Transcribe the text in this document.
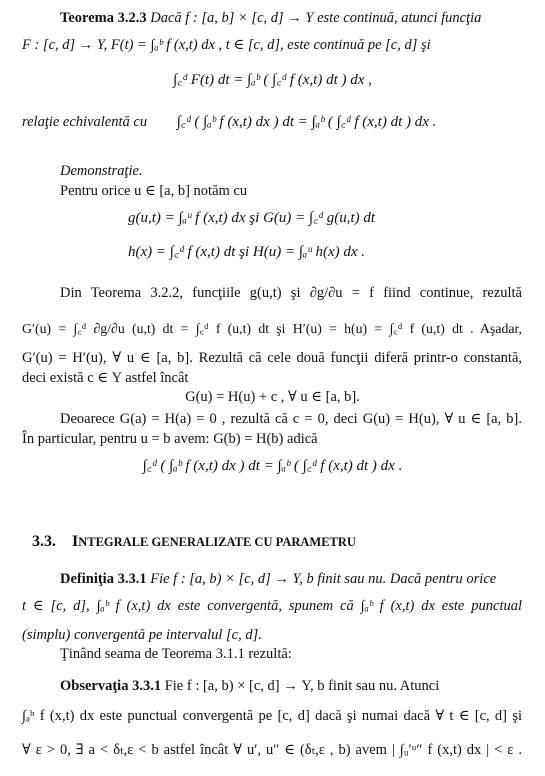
Teorema 3.2.3 Dacă f : [a, b] × [c, d] → Υ este continuă, atunci funcţia
F : [c, d] → Υ, F(t) = ∫ₐᵇ f (x,t) dx , t ∈ [c, d], este continuă pe [c, d] şi
∫꜀ᵈ F(t) dt = ∫ₐᵇ ( ∫꜀ᵈ f (x,t) dt ) dx ,
relaţie echivalentă cu ∫꜀ᵈ ( ∫ₐᵇ f (x,t) dx ) dt = ∫ₐᵇ ( ∫꜀ᵈ f (x,t) dt ) dx .
Demonstraţie.
Pentru orice u ∈ [a, b] notăm cu
g(u,t) = ∫ₐᵘ f (x,t) dx şi G(u) = ∫꜀ᵈ g(u,t) dt
h(x) = ∫꜀ᵈ f (x,t) dt şi H(u) = ∫ₐᵘ h(x) dx .
Din Teorema 3.2.2, funcţiile g(u,t) şi ∂g/∂u = f fiind continue, rezultă
G′(u) = ∫꜀ᵈ ∂g/∂u (u,t) dt = ∫꜀ᵈ f (u,t) dt şi H′(u) = h(u) = ∫꜀ᵈ f (u,t) dt . Aşadar,
G′(u) = H′(u), ∀ u ∈ [a, b]. Rezultă că cele două funcţii diferă printr-o constantă,
deci există c ∈ Υ astfel încât
G(u) = H(u) + c , ∀ u ∈ [a, b].
Deoarece G(a) = H(a) = 0 , rezultă că c = 0, deci G(u) = H(u), ∀ u ∈ [a, b].
În particular, pentru u = b avem: G(b) = H(b) adică
∫꜀ᵈ ( ∫ₐᵇ f (x,t) dx ) dt = ∫ₐᵇ ( ∫꜀ᵈ f (x,t) dt ) dx .
3.3. INTEGRALE GENERALIZATE CU PARAMETRU
Definiţia 3.3.1 Fie f : [a, b) × [c, d] → Υ, b finit sau nu. Dacă pentru orice
t ∈ [c, d], ∫ₐᵇ f (x,t) dx este convergentă, spunem că ∫ₐᵇ f (x,t) dx este punctual
(simplu) convergentă pe intervalul [c, d].
Ţinând seama de Teorema 3.1.1 rezultă:
Observaţia 3.3.1 Fie f : [a, b) × [c, d] → Υ, b finit sau nu. Atunci
∫ₐᵇ f (x,t) dx este punctual convergentă pe [c, d] dacă şi numai dacă ∀ t ∈ [c, d] şi
∀ ε > 0, ∃ a < δₜ,ε < b astfel încât ∀ u′, u″ ∈ (δₜ,ε , b) avem | ∫ᵤ′ᵘ″ f (x,t) dx | < ε .
